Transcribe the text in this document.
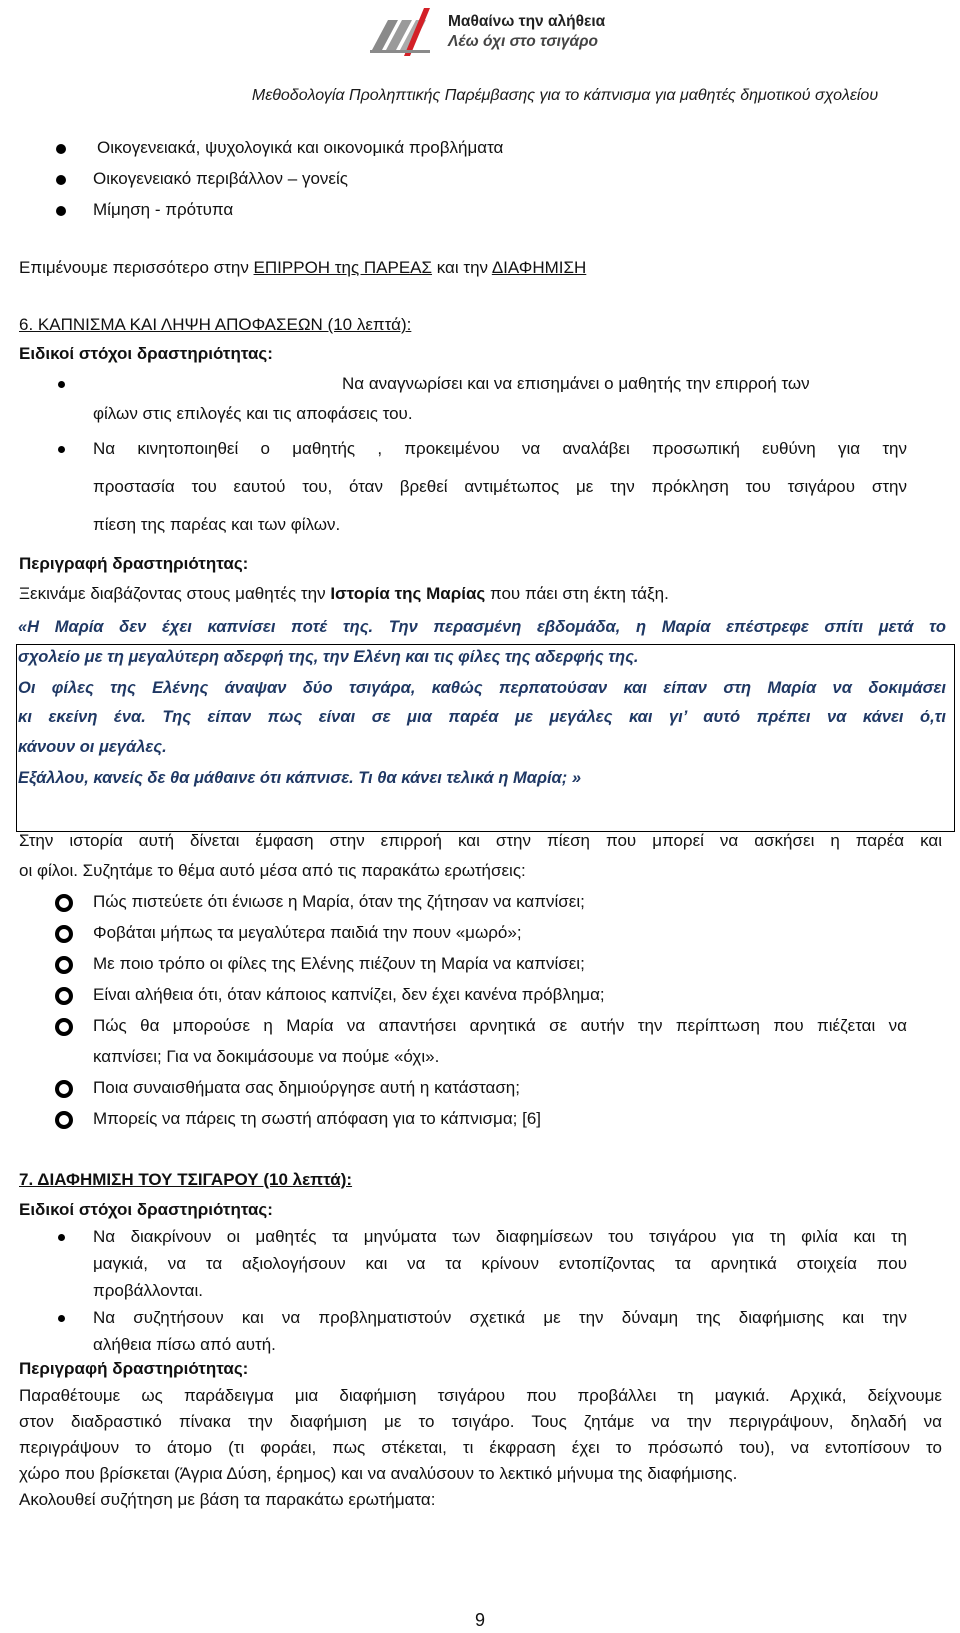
Μαθαίνω την αλήθεια
Λέω όχι στο τσιγάρο
Μεθοδολογία Προληπτικής Παρέμβασης για το κάπνισμα για μαθητές δημοτικού σχολείου
Οικογενειακά, ψυχολογικά και οικονομικά προβλήματα
Οικογενειακό περιβάλλον – γονείς
Μίμηση - πρότυπα
Επιμένουμε περισσότερο στην ΕΠΙΡΡΟΗ της ΠΑΡΕΑΣ και την ΔΙΑΦΗΜΙΣΗ
6. ΚΑΠΝΙΣΜΑ ΚΑΙ ΛΗΨΗ ΑΠΟΦΑΣΕΩΝ (10 λεπτά):
Ειδικοί στόχοι δραστηριότητας:
Να αναγνωρίσει και να επισημάνει ο μαθητής την επιρροή των
φίλων στις επιλογές και τις αποφάσεις του.
Να κινητοποιηθεί ο μαθητής , προκειμένου να αναλάβει προσωπική ευθύνη για την
προστασία του εαυτού του, όταν βρεθεί αντιμέτωπος με την πρόκληση του τσιγάρου στην
πίεση της παρέας και των φίλων.
Περιγραφή δραστηριότητας:
Ξεκινάμε διαβάζοντας στους μαθητές την Ιστορία της Μαρίας που πάει στη έκτη τάξη.
«Η Μαρία δεν έχει καπνίσει ποτέ της. Την περασμένη εβδομάδα, η Μαρία επέστρεφε σπίτι μετά το
σχολείο με τη μεγαλύτερη αδερφή της, την Ελένη και τις φίλες της αδερφής της.
Οι φίλες της Ελένης άναψαν δύο τσιγάρα, καθώς περπατούσαν και είπαν στη Μαρία να δοκιμάσει
κι εκείνη ένα. Της είπαν πως είναι σε μια παρέα με μεγάλες και γι’ αυτό πρέπει να κάνει ό,τι
κάνουν οι μεγάλες.
Εξάλλου, κανείς δε θα μάθαινε ότι κάπνισε. Τι θα κάνει τελικά η Μαρία; »
Στην ιστορία αυτή δίνεται έμφαση στην επιρροή και στην πίεση που μπορεί να ασκήσει η παρέα και
οι φίλοι. Συζητάμε το θέμα αυτό μέσα από τις παρακάτω ερωτήσεις:
Πώς πιστεύετε ότι ένιωσε η Μαρία, όταν της ζήτησαν να καπνίσει;
Φοβάται μήπως τα μεγαλύτερα παιδιά την πουν «μωρό»;
Με ποιο τρόπο οι φίλες της Ελένης πιέζουν τη Μαρία να καπνίσει;
Είναι αλήθεια ότι, όταν κάποιος καπνίζει, δεν έχει κανένα πρόβλημα;
Πώς θα μπορούσε η Μαρία να απαντήσει αρνητικά σε αυτήν την περίπτωση που πιέζεται να
καπνίσει; Για να δοκιμάσουμε να πούμε «όχι».
Ποια συναισθήματα σας δημιούργησε αυτή η κατάσταση;
Μπορείς να πάρεις τη σωστή απόφαση για το κάπνισμα; [6]
7. ΔΙΑΦΗΜΙΣΗ ΤΟΥ ΤΣΙΓΑΡΟΥ (10 λεπτά):
Ειδικοί στόχοι δραστηριότητας:
Να διακρίνουν οι μαθητές τα μηνύματα των διαφημίσεων του τσιγάρου για τη φιλία και τη
μαγκιά, να τα αξιολογήσουν και να τα κρίνουν εντοπίζοντας τα αρνητικά στοιχεία που
προβάλλονται.
Να συζητήσουν και να προβληματιστούν σχετικά με την δύναμη της διαφήμισης και την
αλήθεια πίσω από αυτή.
Περιγραφή δραστηριότητας:
Παραθέτουμε ως παράδειγμα μια διαφήμιση τσιγάρου που προβάλλει τη μαγκιά. Αρχικά, δείχνουμε
στον διαδραστικό πίνακα την διαφήμιση με το τσιγάρο. Τους ζητάμε να την περιγράψουν, δηλαδή να
περιγράψουν το άτομο (τι φοράει, πως στέκεται, τι έκφραση έχει το πρόσωπό του), να εντοπίσουν το
χώρο που βρίσκεται (Άγρια Δύση, έρημος) και να αναλύσουν το λεκτικό μήνυμα της διαφήμισης.
Ακολουθεί συζήτηση με βάση τα παρακάτω ερωτήματα:
9
